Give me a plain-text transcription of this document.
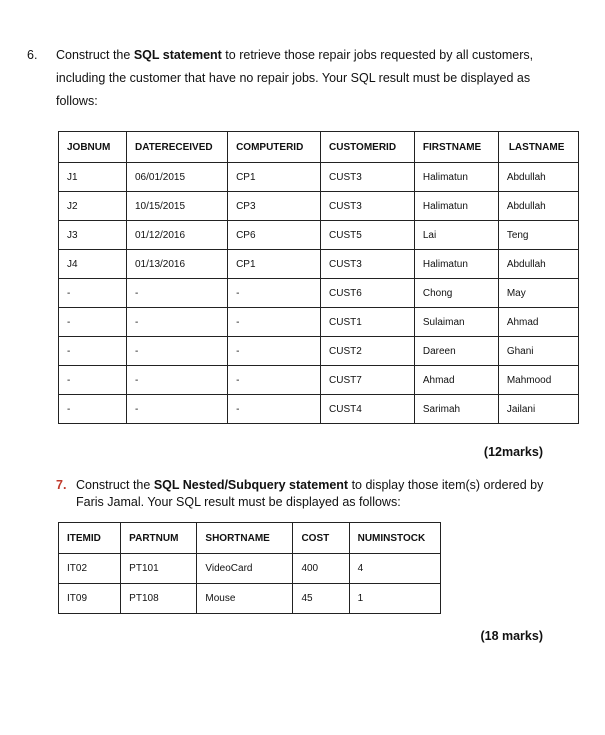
6. Construct the SQL statement to retrieve those repair jobs requested by all customers, including the customer that have no repair jobs. Your SQL result must be displayed as follows:
JOBNUM	DATERECEIVED	COMPUTERID	CUSTOMERID	FIRSTNAME	LASTNAME
J1	06/01/2015	CP1	CUST3	Halimatun	Abdullah
J2	10/15/2015	CP3	CUST3	Halimatun	Abdullah
J3	01/12/2016	CP6	CUST5	Lai	Teng
J4	01/13/2016	CP1	CUST3	Halimatun	Abdullah
-	-	-	CUST6	Chong	May
-	-	-	CUST1	Sulaiman	Ahmad
-	-	-	CUST2	Dareen	Ghani
-	-	-	CUST7	Ahmad	Mahmood
-	-	-	CUST4	Sarimah	Jailani
(12marks)
7. Construct the SQL Nested/Subquery statement to display those item(s) ordered by Faris Jamal. Your SQL result must be displayed as follows:
ITEMID	PARTNUM	SHORTNAME	COST	NUMINSTOCK
IT02	PT101	VideoCard	400	4
IT09	PT108	Mouse	45	1
(18 marks)
